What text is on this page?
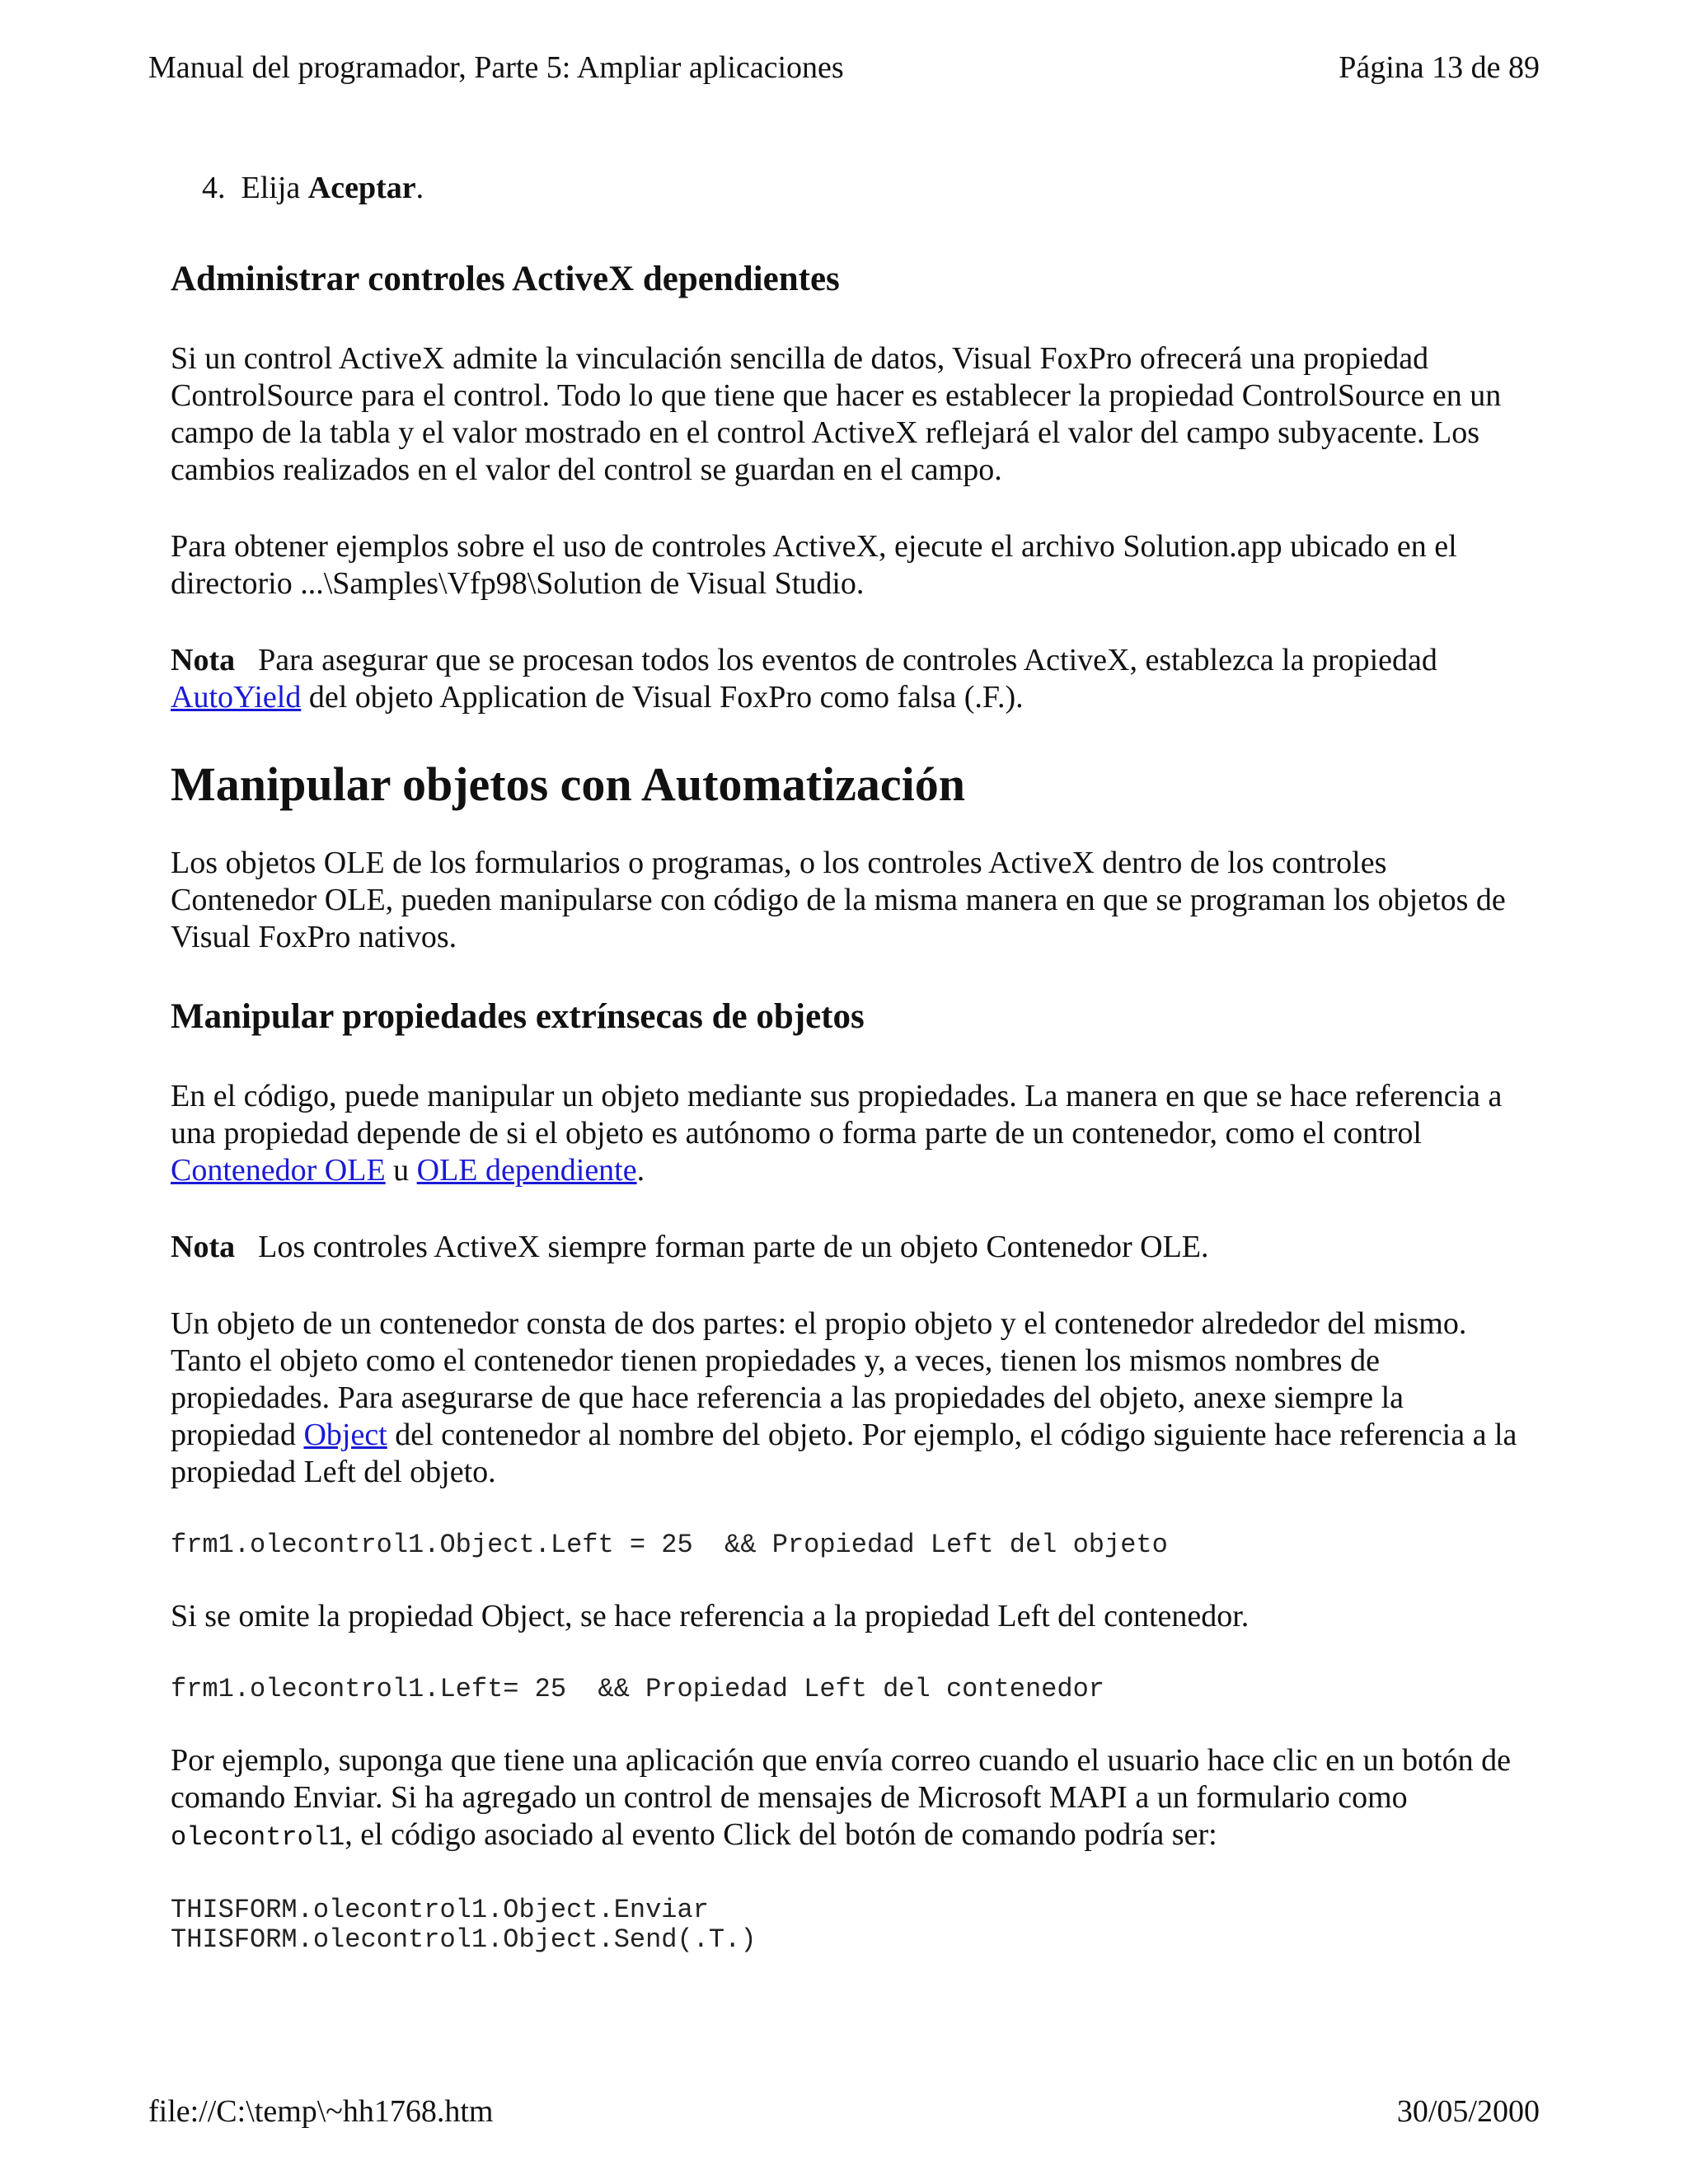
Manual del programador, Parte 5: Ampliar aplicaciones	Página 13 de 89
4. Elija Aceptar.
Administrar controles ActiveX dependientes

Si un control ActiveX admite la vinculación sencilla de datos, Visual FoxPro ofrecerá una propiedad ControlSource para el control. Todo lo que tiene que hacer es establecer la propiedad ControlSource en un campo de la tabla y el valor mostrado en el control ActiveX reflejará el valor del campo subyacente. Los cambios realizados en el valor del control se guardan en el campo.

Para obtener ejemplos sobre el uso de controles ActiveX, ejecute el archivo Solution.app ubicado en el directorio ...\Samples\Vfp98\Solution de Visual Studio.

Nota Para asegurar que se procesan todos los eventos de controles ActiveX, establezca la propiedad AutoYield del objeto Application de Visual FoxPro como falsa (.F.).

Manipular objetos con Automatización

Los objetos OLE de los formularios o programas, o los controles ActiveX dentro de los controles Contenedor OLE, pueden manipularse con código de la misma manera en que se programan los objetos de Visual FoxPro nativos.

Manipular propiedades extrínsecas de objetos

En el código, puede manipular un objeto mediante sus propiedades. La manera en que se hace referencia a una propiedad depende de si el objeto es autónomo o forma parte de un contenedor, como el control Contenedor OLE u OLE dependiente.

Nota Los controles ActiveX siempre forman parte de un objeto Contenedor OLE.

Un objeto de un contenedor consta de dos partes: el propio objeto y el contenedor alrededor del mismo. Tanto el objeto como el contenedor tienen propiedades y, a veces, tienen los mismos nombres de propiedades. Para asegurarse de que hace referencia a las propiedades del objeto, anexe siempre la propiedad Object del contenedor al nombre del objeto. Por ejemplo, el código siguiente hace referencia a la propiedad Left del objeto.

frm1.olecontrol1.Object.Left = 25  && Propiedad Left del objeto

Si se omite la propiedad Object, se hace referencia a la propiedad Left del contenedor.

frm1.olecontrol1.Left= 25  && Propiedad Left del contenedor

Por ejemplo, suponga que tiene una aplicación que envía correo cuando el usuario hace clic en un botón de comando Enviar. Si ha agregado un control de mensajes de Microsoft MAPI a un formulario como olecontrol1, el código asociado al evento Click del botón de comando podría ser:

THISFORM.olecontrol1.Object.Enviar
THISFORM.olecontrol1.Object.Send(.T.)
file://C:\temp\~hh1768.htm	30/05/2000
